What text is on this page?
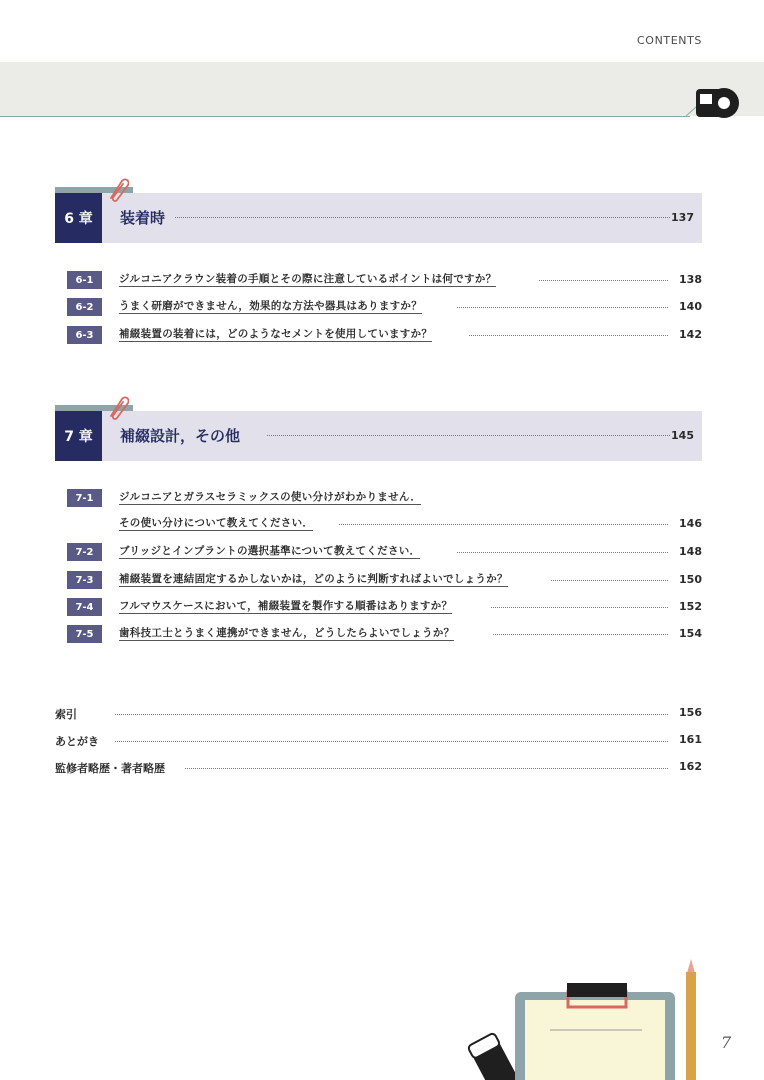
CONTENTS
6 章	装着時	137
6-1	ジルコニアクラウン装着の手順とその際に注意しているポイントは何ですか？	138
6-2	うまく研磨ができません，効果的な方法や器具はありますか？	140
6-3	補綴装置の装着には，どのようなセメントを使用していますか？	142
7 章	補綴設計，その他	145
7-1	ジルコニアとガラスセラミックスの使い分けがわかりません．
その使い分けについて教えてください．	146
7-2	ブリッジとインプラントの選択基準について教えてください．	148
7-3	補綴装置を連結固定するかしないかは，どのように判断すればよいでしょうか？	150
7-4	フルマウスケースにおいて，補綴装置を製作する順番はありますか？	152
7-5	歯科技工士とうまく連携ができません，どうしたらよいでしょうか？	154
索引	156
あとがき	161
監修者略歴・著者略歴	162
7
